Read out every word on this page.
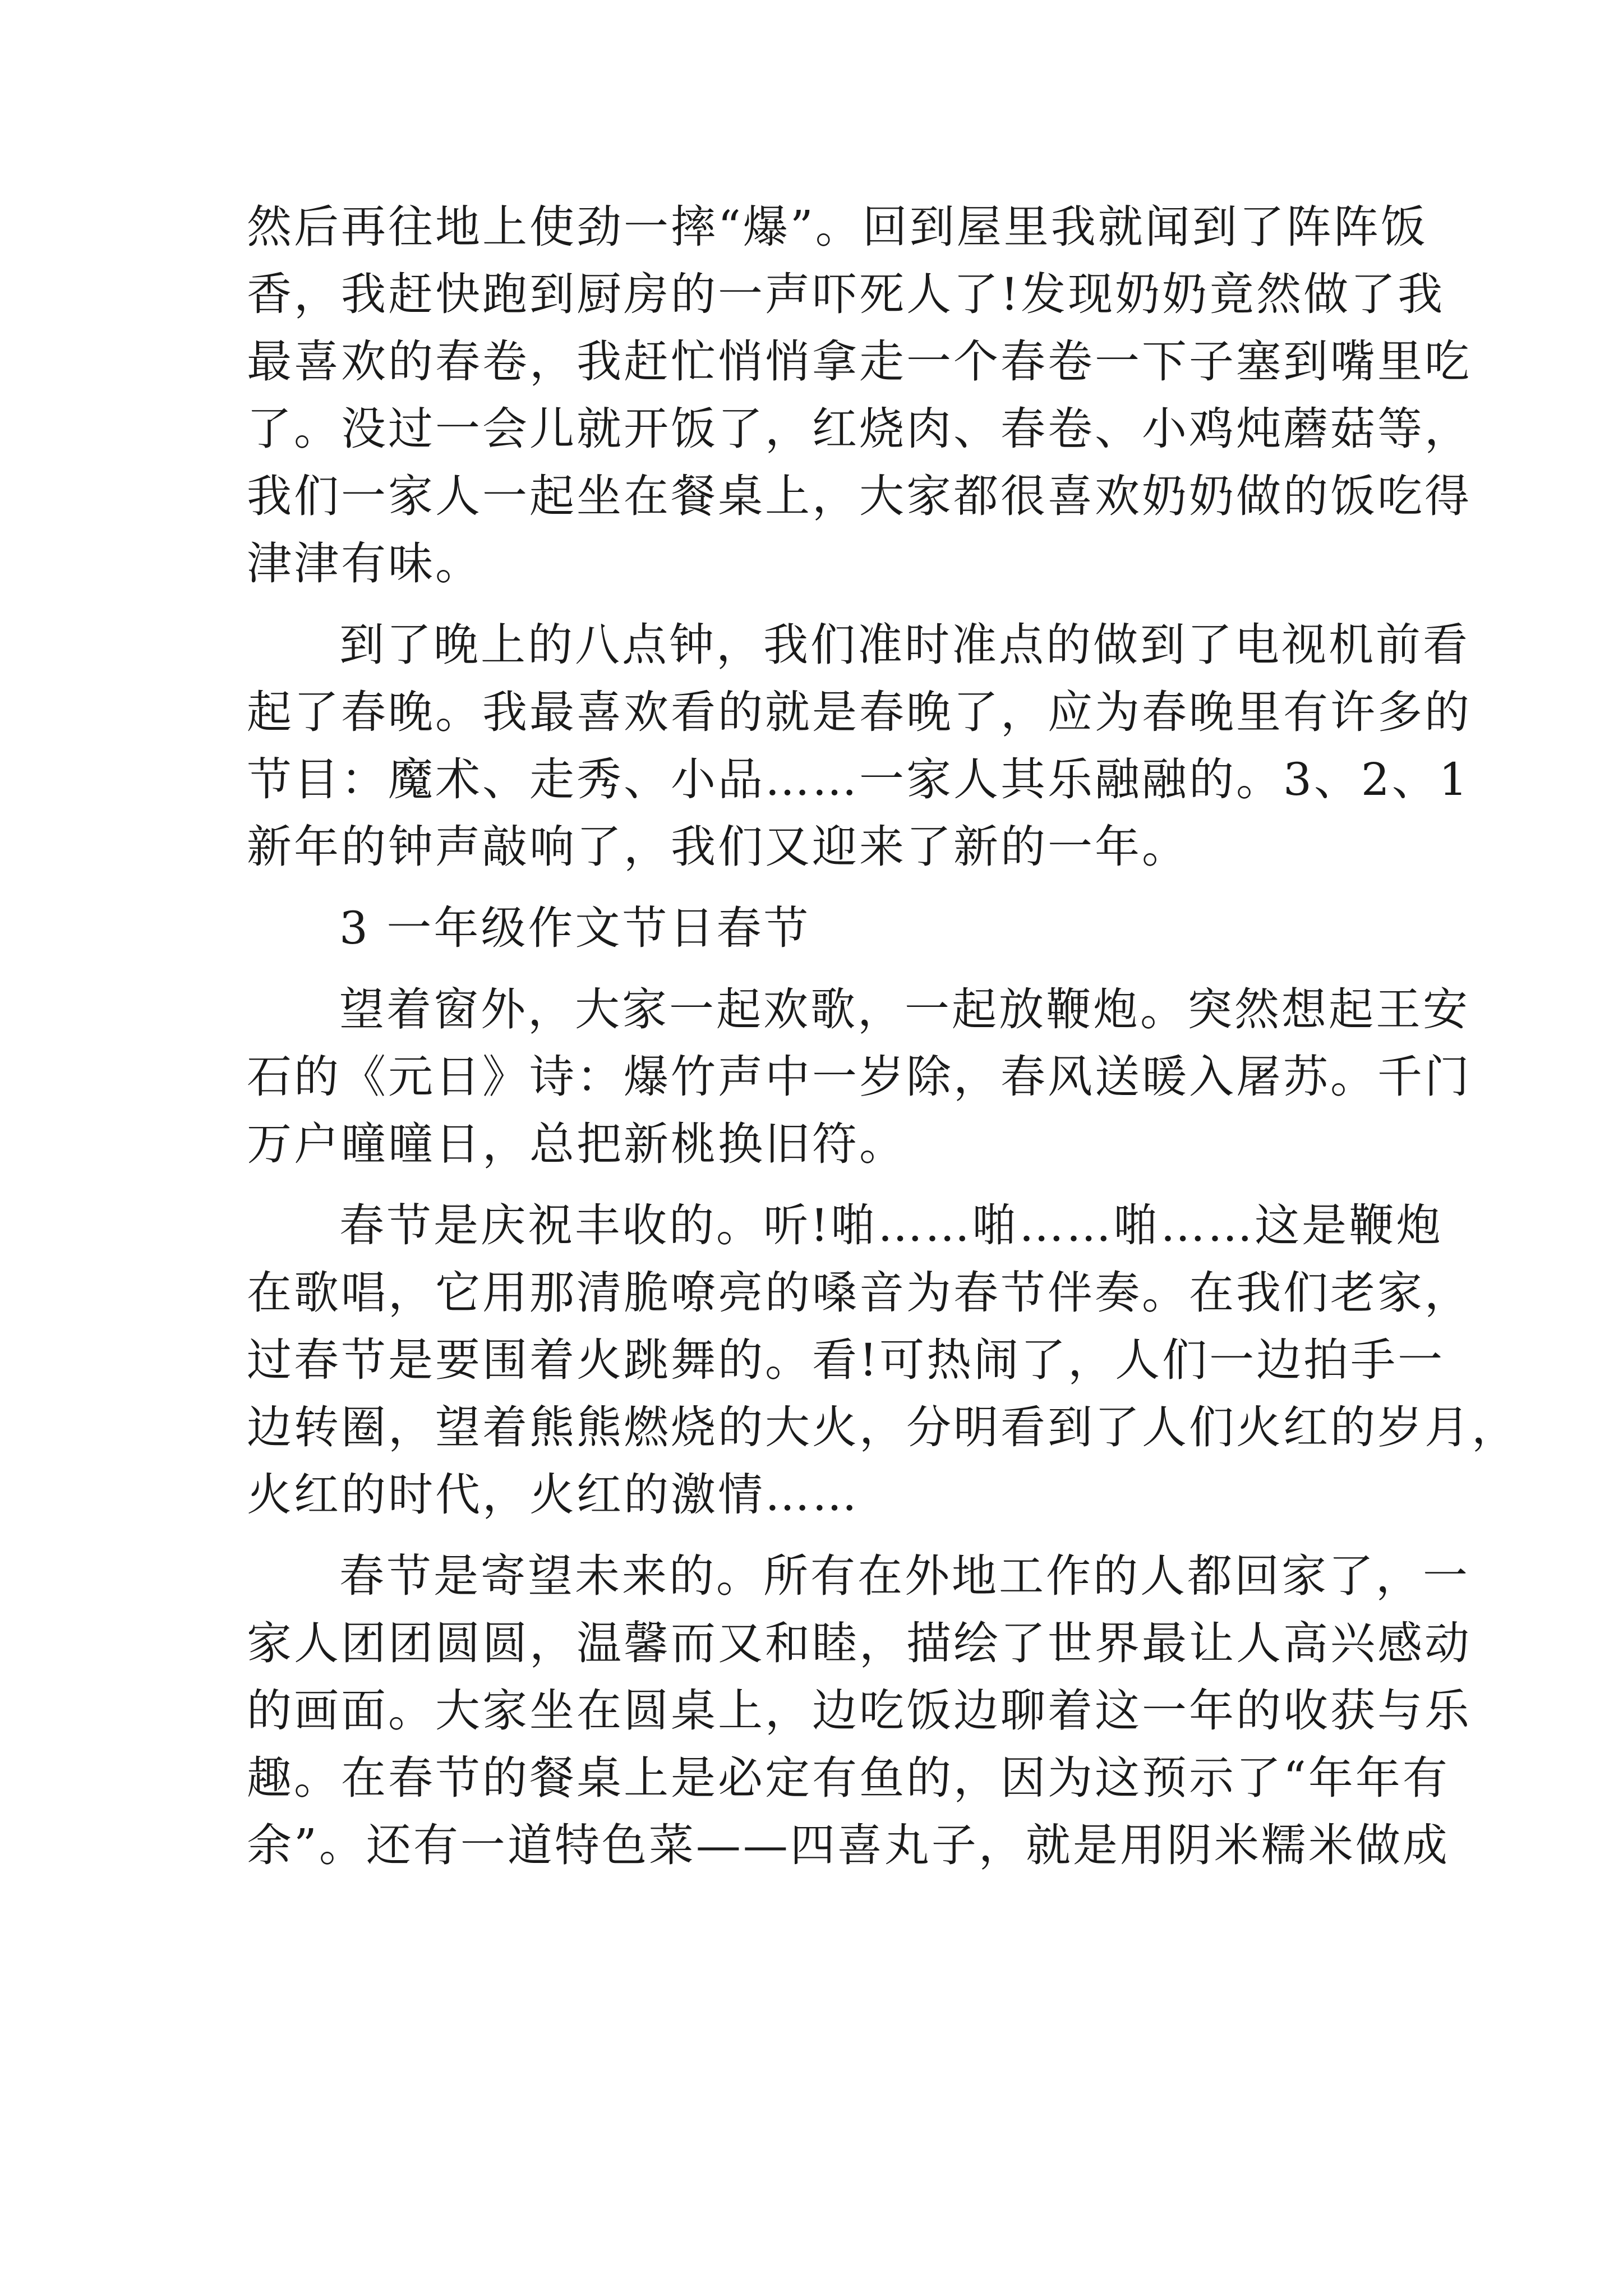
然后再往地上使劲一摔“爆”。回到屋里我就闻到了阵阵饭
香，我赶快跑到厨房的一声吓死人了!发现奶奶竟然做了我
最喜欢的春卷，我赶忙悄悄拿走一个春卷一下子塞到嘴里吃
了。没过一会儿就开饭了，红烧肉、春卷、小鸡炖蘑菇等，
我们一家人一起坐在餐桌上，大家都很喜欢奶奶做的饭吃得
津津有味。
到了晚上的八点钟，我们准时准点的做到了电视机前看
起了春晚。我最喜欢看的就是春晚了，应为春晚里有许多的
节目：魔术、走秀、小品……一家人其乐融融的。3、2、1
新年的钟声敲响了，我们又迎来了新的一年。
3 一年级作文节日春节
望着窗外，大家一起欢歌，一起放鞭炮。突然想起王安
石的《元日》诗：爆竹声中一岁除，春风送暖入屠苏。千门
万户曈曈日，总把新桃换旧符。
春节是庆祝丰收的。听!啪……啪……啪……这是鞭炮
在歌唱，它用那清脆嘹亮的嗓音为春节伴奏。在我们老家，
过春节是要围着火跳舞的。看!可热闹了，人们一边拍手一
边转圈，望着熊熊燃烧的大火，分明看到了人们火红的岁月，
火红的时代，火红的激情……
春节是寄望未来的。所有在外地工作的人都回家了，一
家人团团圆圆，温馨而又和睦，描绘了世界最让人高兴感动
的画面。大家坐在圆桌上，边吃饭边聊着这一年的收获与乐
趣。在春节的餐桌上是必定有鱼的，因为这预示了“年年有
余”。还有一道特色菜——四喜丸子，就是用阴米糯米做成
